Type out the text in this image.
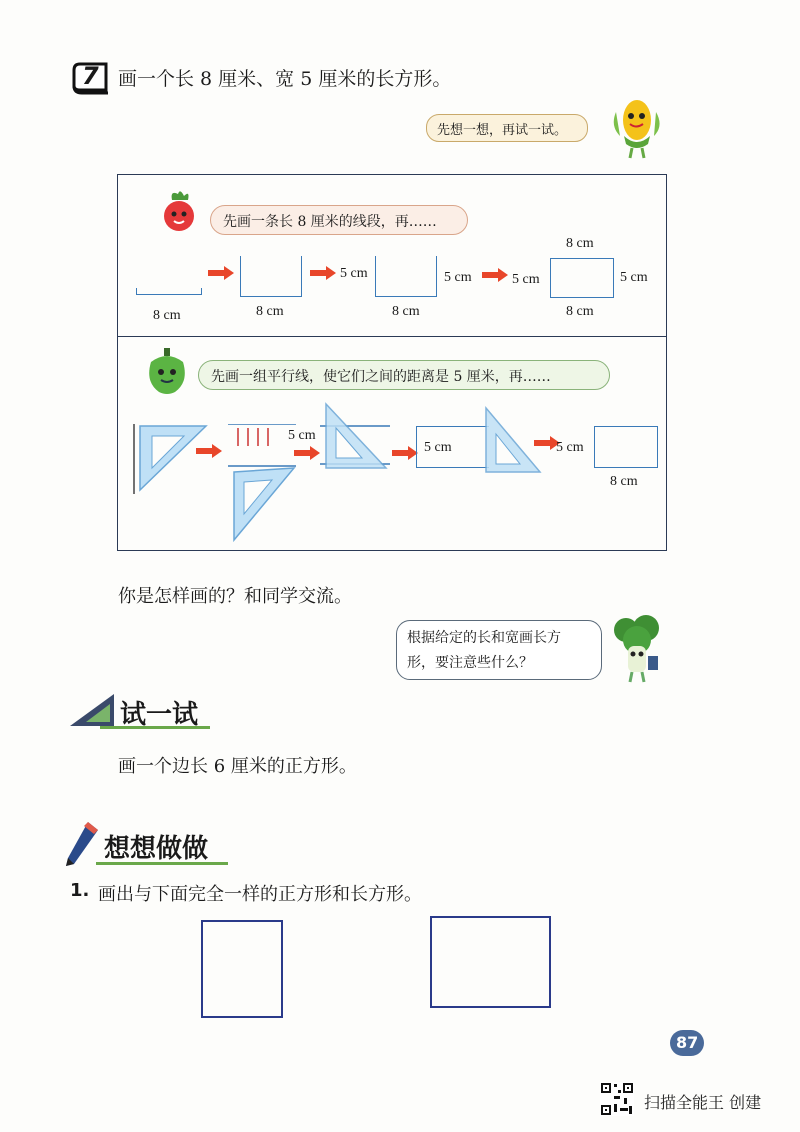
7 画一个长 8 厘米、宽 5 厘米的长方形。
先想一想，再试一试。
先画一条长 8 厘米的线段，再……
8 cm	8 cm
5 cm
8 cm
5 cm	5 cm
8 cm
8 cm
5 cm
先画一组平行线，使它们之间的距离是 5 厘米，再……
5 cm
5 cm	5 cm
8 cm
你是怎样画的？和同学交流。
根据给定的长和宽画长方
形，要注意些什么？
试一试
画一个边长 6 厘米的正方形。
想想做做
1. 画出与下面完全一样的正方形和长方形。
87
扫描全能王 创建
